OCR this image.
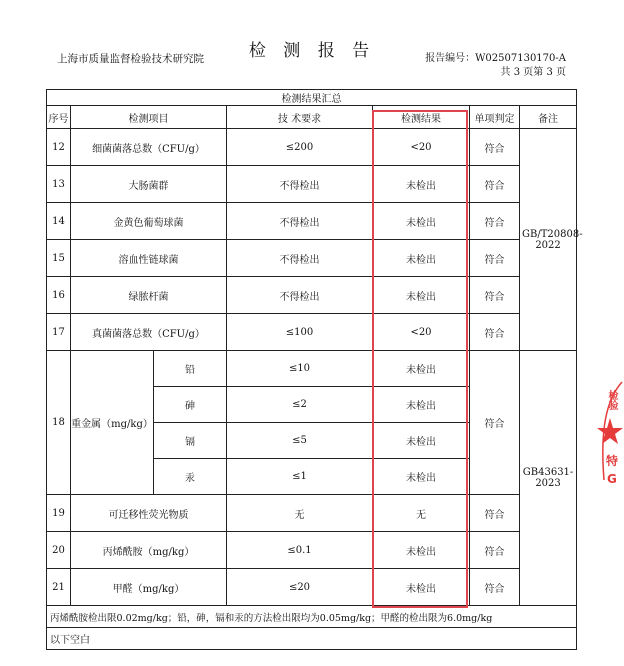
检 测 报 告
上海市质量监督检验技术研究院	报告编号：W02507130170-A
共 3 页第 3 页
检测结果汇总						
序号	检测项目		技 术要求	检测结果	单项判定	备注
12	细菌菌落总数（CFU/g）		≤200	<20	符合	GB/T20808-2022
13	大肠菌群		不得检出	未检出	符合	
14	金黄色葡萄球菌		不得检出	未检出	符合	
15	溶血性链球菌		不得检出	未检出	符合	
16	绿脓杆菌		不得检出	未检出	符合	
17	真菌菌落总数（CFU/g）		≤100	<20	符合	
18	重金属（mg/kg）	铅	≤10	未检出	符合	GB43631-2023
		砷	≤2	未检出		
		镉	≤5	未检出		
		汞	≤1	未检出		
19	可迁移性荧光物质		无	无	符合	
20	丙烯酰胺（mg/kg）		≤0.1	未检出	符合	
21	甲醛（mg/kg）		≤20	未检出	符合	
丙烯酰胺检出限0.02mg/kg；铅，砷，镉和汞的方法检出限均为0.05mg/kg；甲醛的检出限为6.0mg/kg						
以下空白						
检验
特
G
